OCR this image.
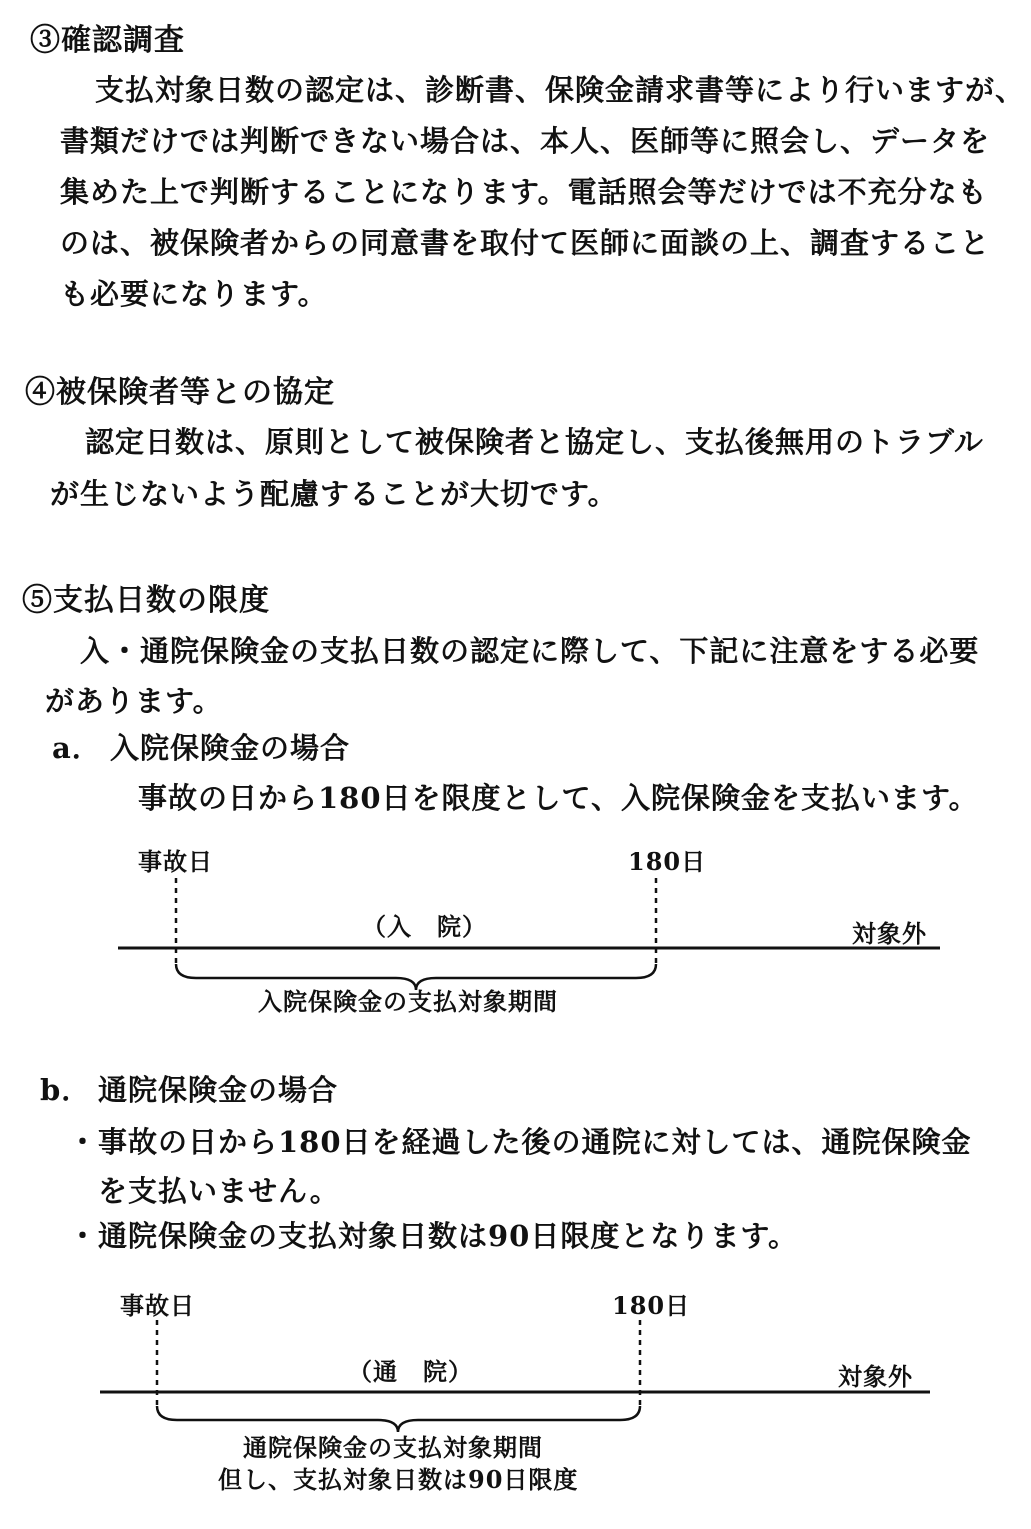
③確認調査
支払対象日数の認定は、診断書、保険金請求書等により行いますが、
書類だけでは判断できない場合は、本人、医師等に照会し、データを
集めた上で判断することになります。電話照会等だけでは不充分なも
のは、被保険者からの同意書を取付て医師に面談の上、調査すること
も必要になります。
④被保険者等との協定
認定日数は、原則として被保険者と協定し、支払後無用のトラブル
が生じないよう配慮することが大切です。
⑤支払日数の限度
入・通院保険金の支払日数の認定に際して、下記に注意をする必要
があります。
a． 入院保険金の場合
事故の日から180日を限度として、入院保険金を支払います。
事故日	180日
（入　院）	対象外
入院保険金の支払対象期間
b． 通院保険金の場合
・ 事故の日から180日を経過した後の通院に対しては、通院保険金
を支払いません。
・ 通院保険金の支払対象日数は90日限度となります。
事故日	180日
（通　院）	対象外
通院保険金の支払対象期間
但し、支払対象日数は90日限度
